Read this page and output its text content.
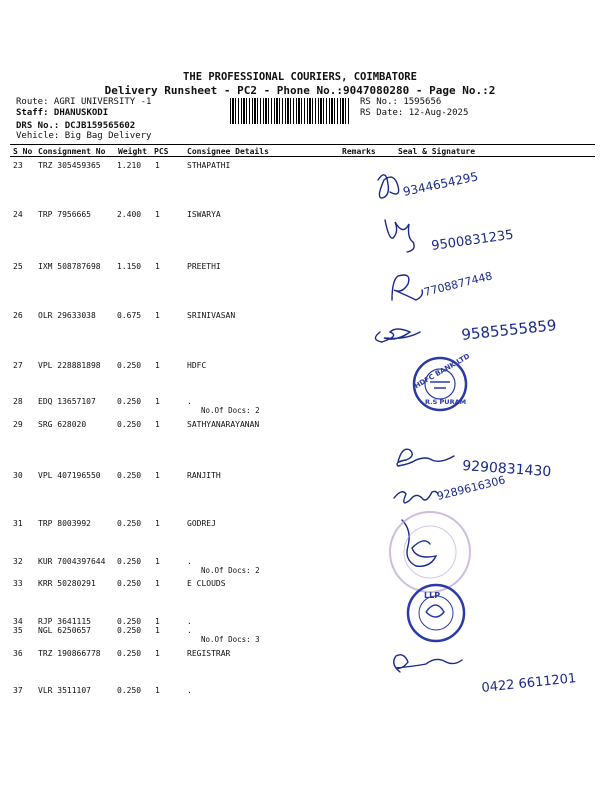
THE PROFESSIONAL COURIERS, COIMBATORE
Delivery Runsheet - PC2 - Phone No.:9047080280 - Page No.:2
Route: AGRI UNIVERSITY -1
Staff: DHANUSKODI
DRS No.: DCJB159565602
Vehicle: Big Bag Delivery
RS No.: 1595656
RS Date: 12-Aug-2025
S No Consignment No Weight PCS Consignee Details	Remarks	Seal & Signature
23 TRZ 305459365 1.210 1	STHAPATHI
24 TRP 7956665	2.400 1	ISWARYA
25 IXM 508787698 1.150 1	PREETHI
26 OLR 29633038	0.675 1	SRINIVASAN
27 VPL 228881898 0.250 1	HDFC
28 EDQ 13657107	0.250 1	.
No.Of Docs: 2
29 SRG 628020	0.250 1	SATHYANARAYANAN
30 VPL 407196550 0.250 1	RANJITH
31 TRP 8003992	0.250 1	GODREJ
32 KUR 7004397644 0.250 1	.
No.Of Docs: 2
33 KRR 50280291	0.250 1	E CLOUDS
34 RJP 3641115	0.250 1	.
35 NGL 6250657	0.250 1	.
No.Of Docs: 3
36 TRZ 190866778 0.250 1	REGISTRAR
37 VLR 3511107	0.250 1	.
9344654295
9500831235
7708877448
9585555859
9290831430
9289616306
0422 6611201
HDFC BANK LTD
R.S PURAM
LLP
